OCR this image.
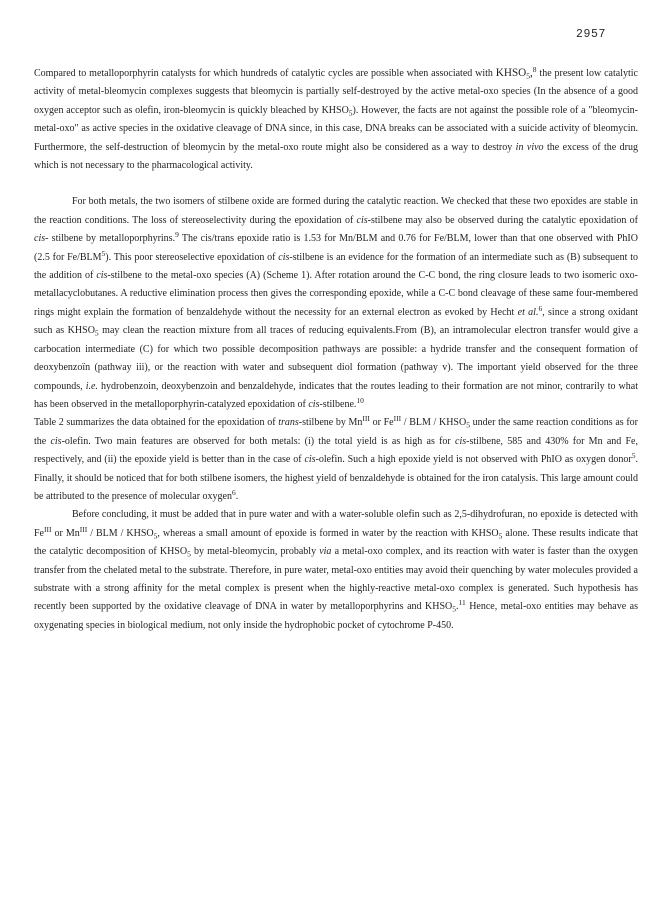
2957

Compared to metalloporphyrin catalysts for which hundreds of catalytic cycles are possible when associated with $KHSO_5,^8$ the present low catalytic activity of metal-bleomycin complexes suggests that bleomycin is partially self-destroyed by the active metal-oxo species (In the absence of a good oxygen acceptor such as olefin, iron-bleomycin is quickly bleached by $KHSO_5$). However, the facts are not against the possible role of a "bleomycin-metal-oxo" as active species in the oxidative cleavage of DNA since, in this case, DNA breaks can be associated with a suicide activity of bleomycin. Furthermore, the self-destruction of bleomycin by the metal-oxo route might also be considered as a way to destroy in vivo the excess of the drug which is not necessary to the pharmacological activity.

For both metals, the two isomers of stilbene oxide are formed during the catalytic reaction. We checked that these two epoxides are stable in the reaction conditions. The loss of stereoselectivity during the epoxidation of cis-stilbene may also be observed during the catalytic epoxidation of cis- stilbene by metalloporphyrins.$^9$ The cis/trans epoxide ratio is 1.53 for Mn/BLM and 0.76 for Fe/BLM, lower than that one observed with PhIO (2.5 for Fe/BLM$^5$). This poor stereoselective epoxidation of cis-stilbene is an evidence for the formation of an intermediate such as (B) subsequent to the addition of cis-stilbene to the metal-oxo species (A) (Scheme 1). After rotation around the C-C bond, the ring closure leads to two isomeric oxo-metallacyclobutanes. A reductive elimination process then gives the corresponding epoxide, while a C-C bond cleavage of these same four-membered rings might explain the formation of benzaldehyde without the necessity for an external electron as evoked by Hecht et al.$^6$, since a strong oxidant such as $KHSO_5$ may clean the reaction mixture from all traces of reducing equivalents.From (B), an intramolecular electron transfer would give a carbocation intermediate (C) for which two possible decomposition pathways are possible: a hydride transfer and the consequent formation of deoxybenzoïn (pathway iii), or the reaction with water and subsequent diol formation (pathway v). The important yield observed for the three compounds, i.e. hydrobenzoin, deoxybenzoin and benzaldehyde, indicates that the routes leading to their formation are not minor, contrarily to what has been observed in the metalloporphyrin-catalyzed epoxidation of cis-stilbene.$^{10}$

Table 2 summarizes the data obtained for the epoxidation of trans-stilbene by $Mn^{III}$ or $Fe^{III}$ / BLM / $KHSO_5$ under the same reaction conditions as for the cis-olefin. Two main features are observed for both metals: (i) the total yield is as high as for cis-stilbene, 585 and 430% for Mn and Fe, respectively, and (ii) the epoxide yield is better than in the case of cis-olefin. Such a high epoxide yield is not observed with PhIO as oxygen donor$^5$. Finally, it should be noticed that for both stilbene isomers, the highest yield of benzaldehyde is obtained for the iron catalysis. This large amount could be attributed to the presence of molecular oxygen$^6$.

Before concluding, it must be added that in pure water and with a water-soluble olefin such as 2,5-dihydrofuran, no epoxide is detected with $Fe^{III}$ or $Mn^{III}$ / BLM / $KHSO_5$, whereas a small amount of epoxide is formed in water by the reaction with $KHSO_5$ alone. These results indicate that the catalytic decomposition of $KHSO_5$ by metal-bleomycin, probably via a metal-oxo complex, and its reaction with water is faster than the oxygen transfer from the chelated metal to the substrate. Therefore, in pure water, metal-oxo entities may avoid their quenching by water molecules provided a substrate with a strong affinity for the metal complex is present when the highly-reactive metal-oxo complex is generated. Such hypothesis has recently been supported by the oxidative cleavage of DNA in water by metalloporphyrins and $KHSO_5.^{11}$ Hence, metal-oxo entities may behave as oxygenating species in biological medium, not only inside the hydrophobic pocket of cytochrome P-450.
